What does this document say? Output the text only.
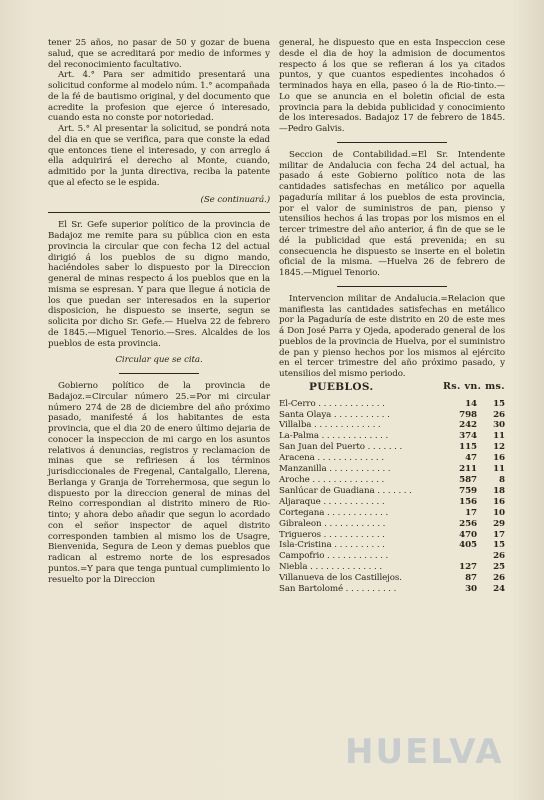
tener 25 años, no pasar de 50 y gozar de buena salud, que se acreditará por medio de informes y del reconocimiento facultativo.

Art. 4.° Para ser admitido presentará una solicitud conforme al modelo núm. 1.° acompañada de la fé de bautismo original, y del documento que acredite la profesion que ejerce ó interesado, cuando esta no conste por notoriedad.

Art. 5.° Al presentar la solicitud, se pondrá nota del dia en que se verifica, para que conste la edad que entonces tiene el interesado, y con arreglo á ella adquirirá el derecho al Monte, cuando, admitido por la junta directiva, reciba la patente que al efecto se le espida.

(Se continuará.)

El Sr. Gefe superior político de la provincia de Badajoz me remite para su pública cion en esta provincia la circular que con fecha 12 del actual dirigió á los pueblos de su digno mando, haciéndoles saber lo dispuesto por la Direccion general de minas respecto á los pueblos que en la misma se espresan. Y para que llegue á noticia de los que puedan ser interesados en la superior disposicion, he dispuesto se inserte, segun se solicita por dicho Sr. Gefe.— Huelva 22 de febrero de 1845.—Miguel Tenorio.—Sres. Alcaldes de los pueblos de esta provincia.

Circular que se cita.

Gobierno político de la provincia de Badajoz.=Circular número 25.=Por mi circular número 274 de 28 de diciembre del año próximo pasado, manifesté á los habitantes de esta provincia, que el dia 20 de enero último dejaria de conocer la inspeccion de mi cargo en los asuntos relativos á denuncias, registros y reclamacion de minas que se refiriesen á los términos jurisdiccionales de Fregenal, Cantalgallo, Llerena, Berlanga y Granja de Torrehermosa, que segun lo dispuesto por la direccion general de minas del Reino correspondian al distrito minero de Rio-tinto; y ahora debo añadir que segun lo acordado con el señor inspector de aquel distrito corresponden tambien al mismo los de Usagre, Bienvenida, Segura de Leon y demas pueblos que radican al estremo norte de los espresados puntos.=Y para que tenga puntual cumplimiento lo resuelto por la Direccion

general, he dispuesto que en esta Inspeccion cese desde el dia de hoy la admision de documentos respecto á los que se refieran á los ya citados puntos, y que cuantos espedientes incohados ó terminados haya en ella, paseo ó la de Rio-tinto.—Lo que se anuncia en el boletin oficial de esta provincia para la debida publicidad y conocimiento de los interesados. Badajoz 17 de febrero de 1845.—Pedro Galvis.

Seccion de Contabilidad.=El Sr. Intendente militar de Andalucia con fecha 24 del actual, ha pasado á este Gobierno político nota de las cantidades satisfechas en metálico por aquella pagaduría militar á los pueblos de esta provincia, por el valor de suministros de pan, pienso y utensilios hechos á las tropas por los mismos en el tercer trimestre del año anterior, á fin de que se le dé la publicidad que está prevenida; en su consecuencia he dispuesto se inserte en el boletin oficial de la misma. —Huelva 26 de febrero de 1845.—Miguel Tenorio.

Intervencion militar de Andalucia.=Relacion que manifiesta las cantidades satisfechas en metálico por la Pagaduría de este distrito en 20 de este mes á Don José Parra y Ojeda, apoderado general de los pueblos de la provincia de Huelva, por el suministro de pan y pienso hechos por los mismos al ejército en el tercer trimestre del año próximo pasado, y utensilios del mismo periodo.

PUEBLOS.	Rs. vn. ms.	
El-Cerro . . . . . . . . . . . . .	14	15
Santa Olaya . . . . . . . . . . .	798	26
Villalba . . . . . . . . . . . . .	242	30
La-Palma . . . . . . . . . . . . .	374	11
San Juan del Puerto . . . . . . .	115	12
Aracena . . . . . . . . . . . . .	47	16
Manzanilla . . . . . . . . . . . .	211	11
Aroche . . . . . . . . . . . . . .	587	8
Sanlúcar de Guadiana . . . . . . .	759	18
Aljaraque . . . . . . . . . . . .	156	16
Cortegana . . . . . . . . . . . .	17	10
Gibraleon . . . . . . . . . . . .	256	29
Trigueros . . . . . . . . . . . .	470	17
Isla-Cristina . . . . . . . . . .	405	15
Campofrio . . . . . . . . . . . .		26
Niebla . . . . . . . . . . . . . .	127	25
Villanueva de los Castillejos.	87	26
San Bartolomé . . . . . . . . . .	30	24
HUELVA
